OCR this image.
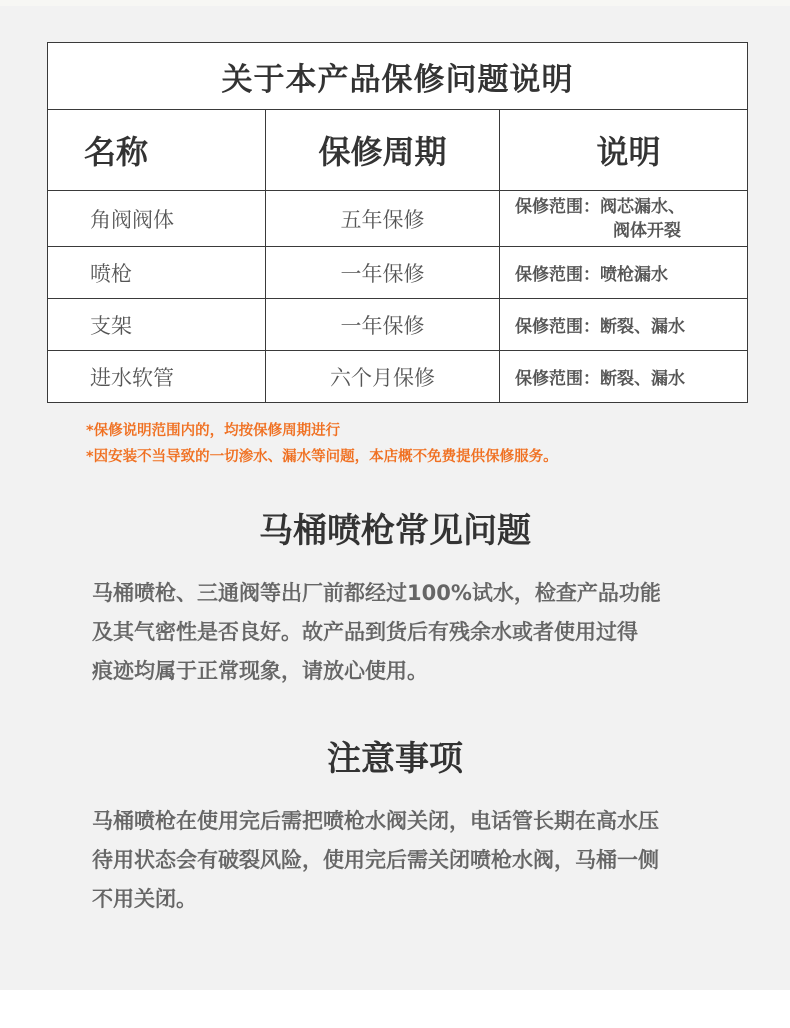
关于本产品保修问题说明		
名称	保修周期	说明
角阀阀体	五年保修	保修范围：阀芯漏水、
阀体开裂

喷枪	一年保修	保修范围：喷枪漏水
支架	一年保修	保修范围：断裂、漏水
进水软管	六个月保修	保修范围：断裂、漏水
*保修说明范围内的，均按保修周期进行
*因安装不当导致的一切渗水、漏水等问题，本店概不免费提供保修服务。
马桶喷枪常见问题
马桶喷枪、三通阀等出厂前都经过100%试水，检查产品功能
及其气密性是否良好。故产品到货后有残余水或者使用过得
痕迹均属于正常现象，请放心使用。
注意事项
马桶喷枪在使用完后需把喷枪水阀关闭，电话管长期在高水压
待用状态会有破裂风险，使用完后需关闭喷枪水阀，马桶一侧
不用关闭。
